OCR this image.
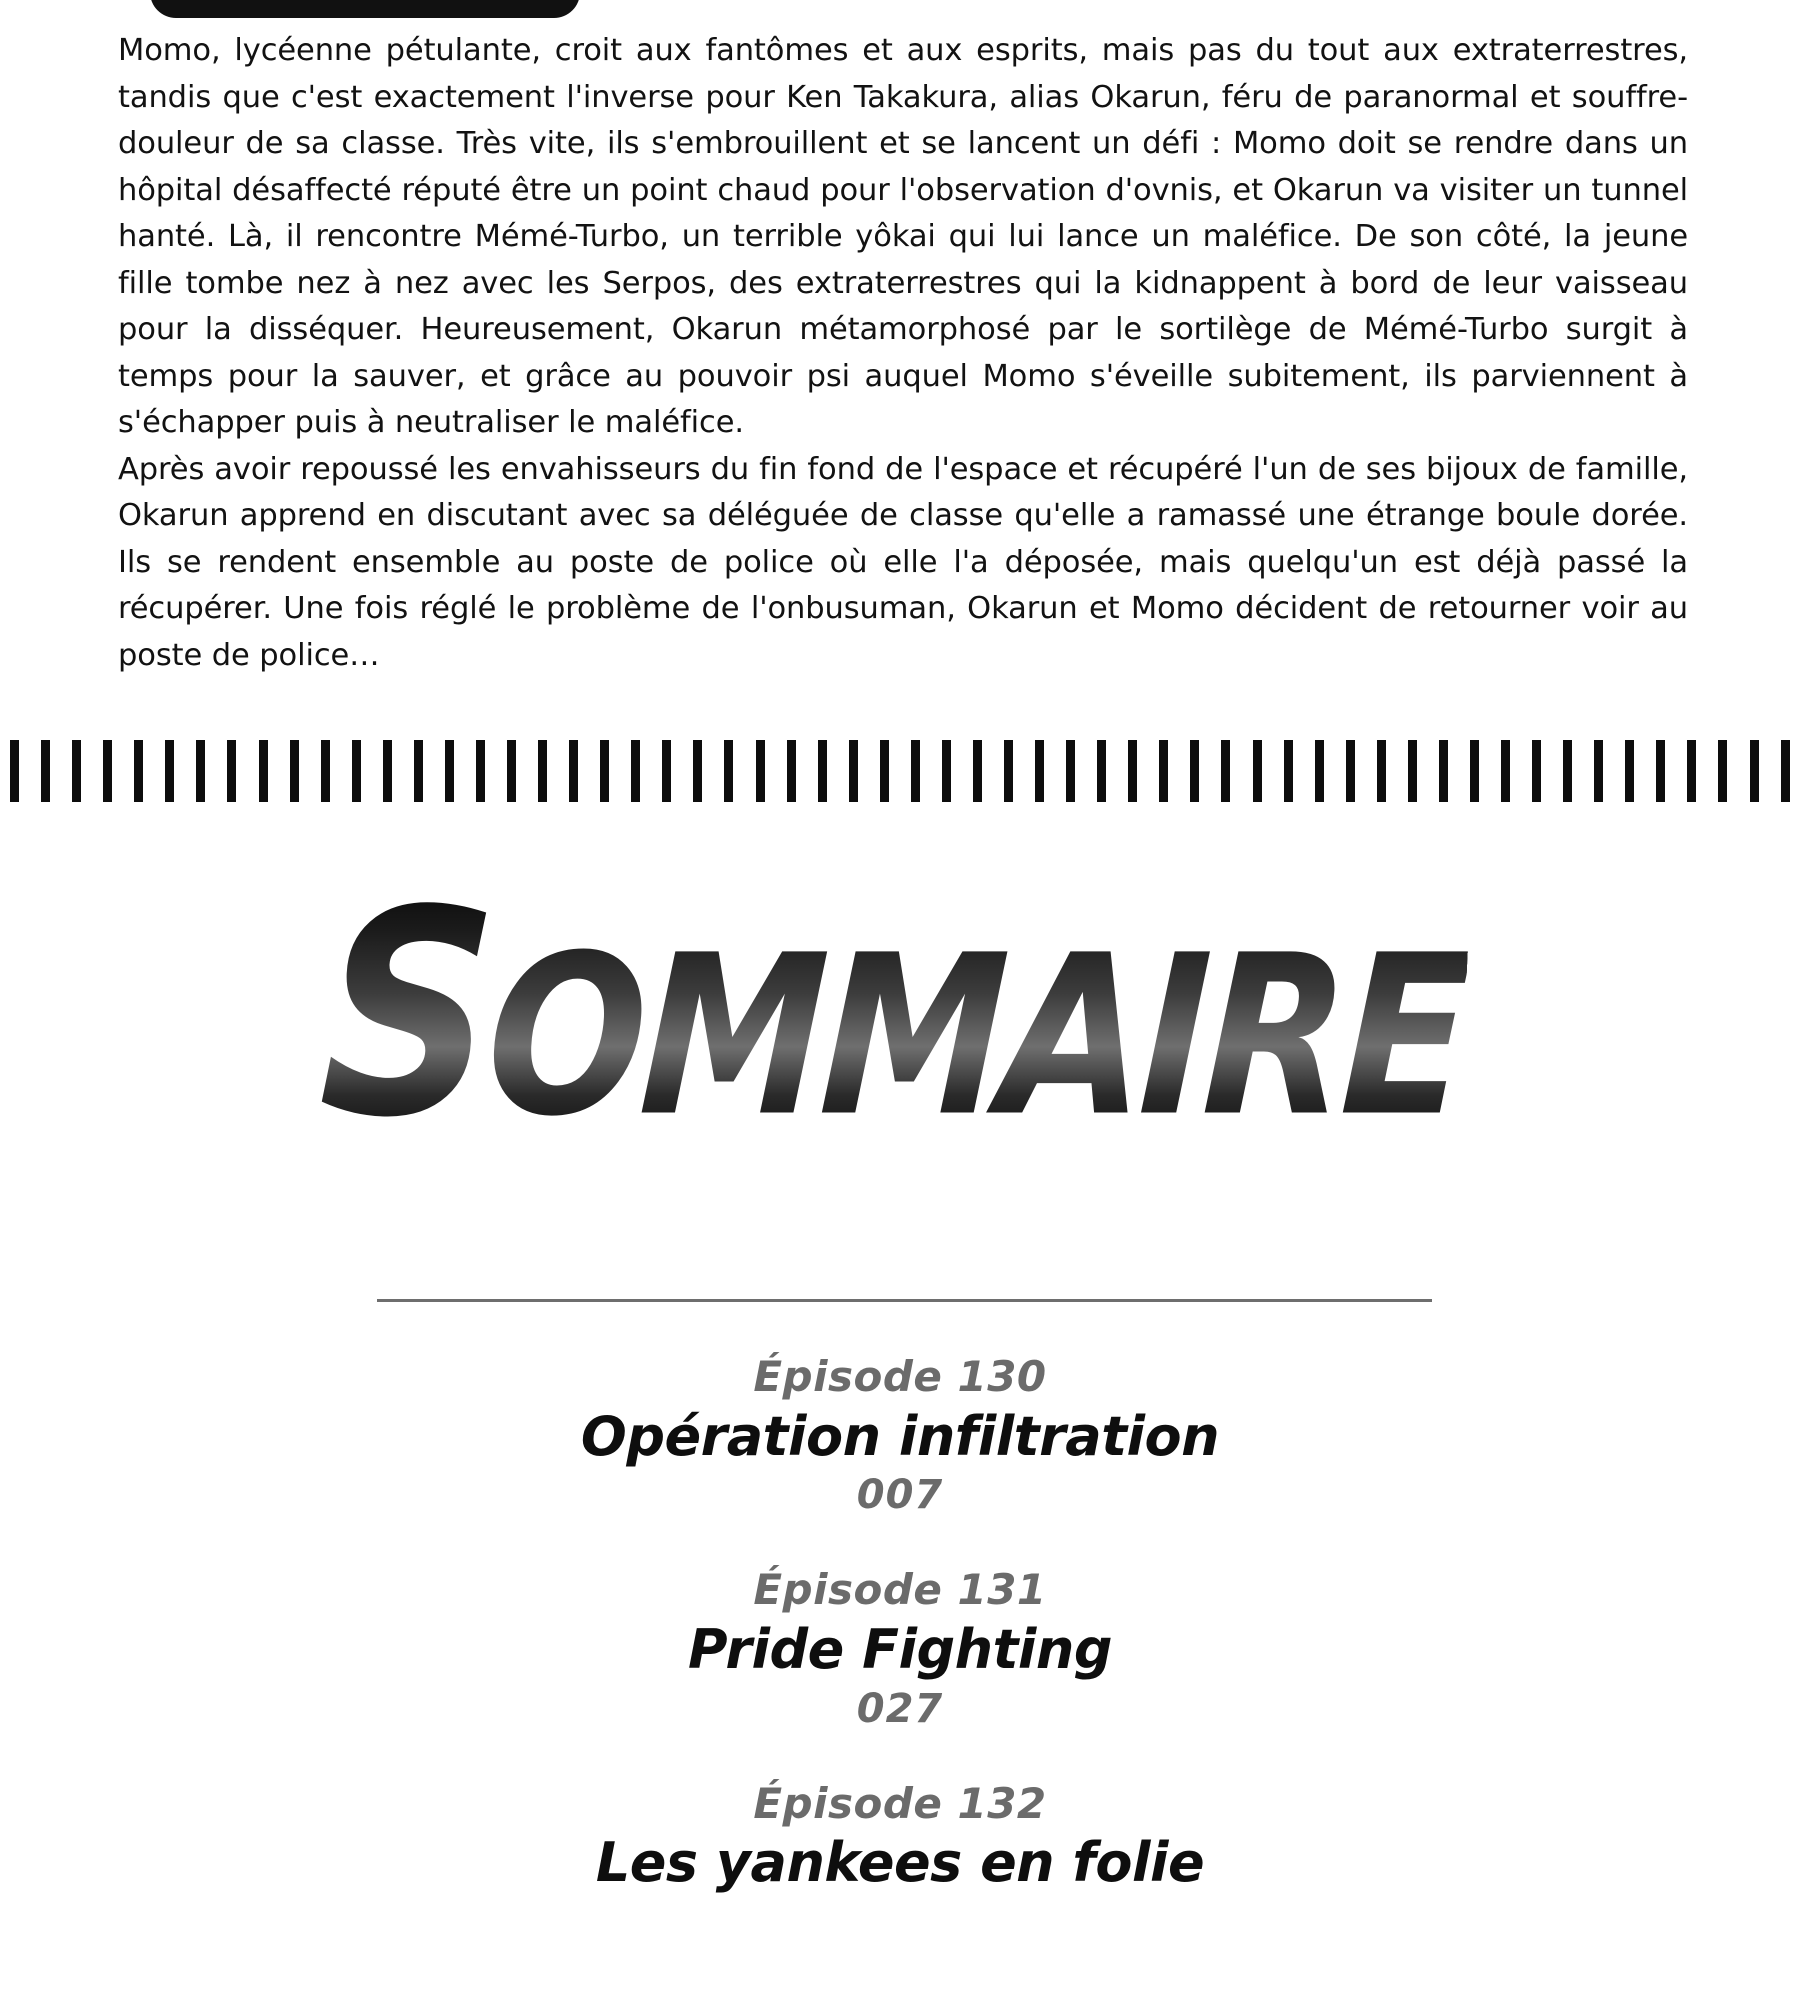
Momo, lycéenne pétulante, croit aux fantômes et aux esprits, mais pas du tout aux extraterrestres, tandis que c'est exactement l'inverse pour Ken Takakura, alias Okarun, féru de paranormal et souffre-douleur de sa classe. Très vite, ils s'embrouillent et se lancent un défi : Momo doit se rendre dans un hôpital désaffecté réputé être un point chaud pour l'observation d'ovnis, et Okarun va visiter un tunnel hanté. Là, il rencontre Mémé-Turbo, un terrible yôkai qui lui lance un maléfice. De son côté, la jeune fille tombe nez à nez avec les Serpos, des extraterrestres qui la kidnappent à bord de leur vaisseau pour la disséquer. Heureusement, Okarun métamorphosé par le sortilège de Mémé-Turbo surgit à temps pour la sauver, et grâce au pouvoir psi auquel Momo s'éveille subitement, ils parviennent à s'échapper puis à neutraliser le maléfice.

Après avoir repoussé les envahisseurs du fin fond de l'espace et récupéré l'un de ses bijoux de famille, Okarun apprend en discutant avec sa déléguée de classe qu'elle a ramassé une étrange boule dorée. Ils se rendent ensemble au poste de police où elle l'a déposée, mais quelqu'un est déjà passé la récupérer. Une fois réglé le problème de l'onbusuman, Okarun et Momo décident de retourner voir au poste de police…

SOMMAIRE
Épisode 130
Opération infiltration
007
Épisode 131
Pride Fighting
027
Épisode 132
Les yankees en folie
